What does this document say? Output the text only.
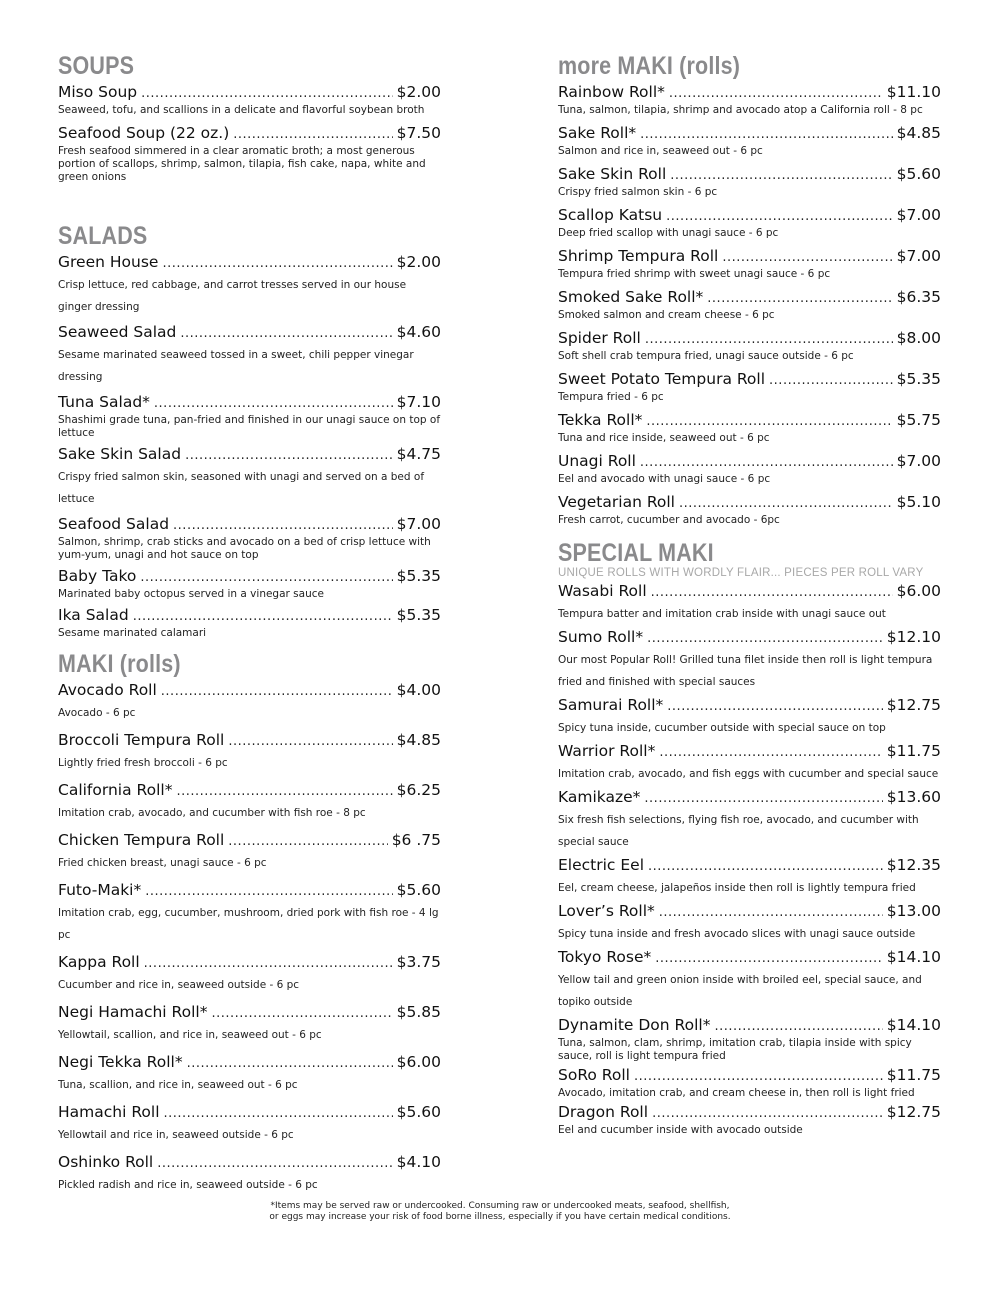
SOUPS
Miso Soup .....	$2.00
Seaweed, tofu, and scallions in a delicate and flavorful soybean broth
Seafood Soup (22 oz.) .....	$7.50
Fresh seafood simmered in a clear aromatic broth; a most generous portion of scallops, shrimp, salmon, tilapia, fish cake, napa, white and green onions
SALADS
Green House .....	$2.00
Crisp lettuce, red cabbage, and carrot tresses served in our house ginger dressing
Seaweed Salad .....	$4.60
Sesame marinated seaweed tossed in a sweet, chili pepper vinegar dressing
Tuna Salad* .....	$7.10
Shashimi grade tuna, pan-fried and finished in our unagi sauce on top of lettuce
Sake Skin Salad .....	$4.75
Crispy fried salmon skin, seasoned with unagi and served on a bed of lettuce
Seafood Salad .....	$7.00
Salmon, shrimp, crab sticks and avocado on a bed of crisp lettuce with yum-yum, unagi and hot sauce on top
Baby Tako .....	$5.35
Marinated baby octopus served in a vinegar sauce
Ika Salad .....	$5.35
Sesame marinated calamari
MAKI (rolls)
Avocado Roll .....	$4.00
Avocado - 6 pc
Broccoli Tempura Roll .....	$4.85
Lightly fried fresh broccoli - 6 pc
California Roll* .....	$6.25
Imitation crab, avocado, and cucumber with fish roe - 8 pc
Chicken Tempura Roll .....	$6 .75
Fried chicken breast, unagi sauce - 6 pc
Futo-Maki* .....	$5.60
Imitation crab, egg, cucumber, mushroom, dried pork with fish roe - 4 lg pc
Kappa Roll .....	$3.75
Cucumber and rice in, seaweed outside - 6 pc
Negi Hamachi Roll* .....	$5.85
Yellowtail, scallion, and rice in, seaweed out - 6 pc
Negi Tekka Roll* .....	$6.00
Tuna, scallion, and rice in, seaweed out - 6 pc
Hamachi Roll .....	$5.60
Yellowtail and rice in, seaweed outside - 6 pc
Oshinko Roll .....	$4.10
Pickled radish and rice in, seaweed outside - 6 pc
more MAKI (rolls)
Rainbow Roll* .....	$11.10
Tuna, salmon, tilapia, shrimp and avocado atop a California roll - 8 pc
Sake Roll* .....	$4.85
Salmon and rice in, seaweed out - 6 pc
Sake Skin Roll .....	$5.60
Crispy fried salmon skin - 6 pc
Scallop Katsu .....	$7.00
Deep fried scallop with unagi sauce - 6 pc
Shrimp Tempura Roll .....	$7.00
Tempura fried shrimp with sweet unagi sauce - 6 pc
Smoked Sake Roll* .....	$6.35
Smoked salmon and cream cheese - 6 pc
Spider Roll .....	$8.00
Soft shell crab tempura fried, unagi sauce outside - 6 pc
Sweet Potato Tempura Roll .....	$5.35
Tempura fried - 6 pc
Tekka Roll* .....	$5.75
Tuna and rice inside, seaweed out - 6 pc
Unagi Roll .....	$7.00
Eel and avocado with unagi sauce - 6 pc
Vegetarian Roll .....	$5.10
Fresh carrot, cucumber and avocado - 6pc
SPECIAL MAKI
UNIQUE ROLLS WITH WORDLY FLAIR... PIECES PER ROLL VARY
Wasabi Roll .....	$6.00
Tempura batter and imitation crab inside with unagi sauce out
Sumo Roll* .....	$12.10
Our most Popular Roll! Grilled tuna filet inside then roll is light tempura fried and finished with special sauces
Samurai Roll* .....	$12.75
Spicy tuna inside, cucumber outside with special sauce on top
Warrior Roll* .....	$11.75
Imitation crab, avocado, and fish eggs with cucumber and special sauce
Kamikaze* .....	$13.60
Six fresh fish selections, flying fish roe, avocado, and cucumber with special sauce
Electric Eel .....	$12.35
Eel, cream cheese, jalapeños inside then roll is lightly tempura fried
Lover’s Roll* .....	$13.00
Spicy tuna inside and fresh avocado slices with unagi sauce outside
Tokyo Rose* .....	$14.10
Yellow tail and green onion inside with broiled eel, special sauce, and topiko outside
Dynamite Don Roll* .....	$14.10
Tuna, salmon, clam, shrimp, imitation crab, tilapia inside with spicy sauce, roll is light tempura fried
SoRo Roll .....	$11.75
Avocado, imitation crab, and cream cheese in, then roll is light fried
Dragon Roll .....	$12.75
Eel and cucumber inside with avocado outside
*Items may be served raw or undercooked. Consuming raw or undercooked meats, seafood, shellfish,
or eggs may increase your risk of food borne illness, especially if you have certain medical conditions.
